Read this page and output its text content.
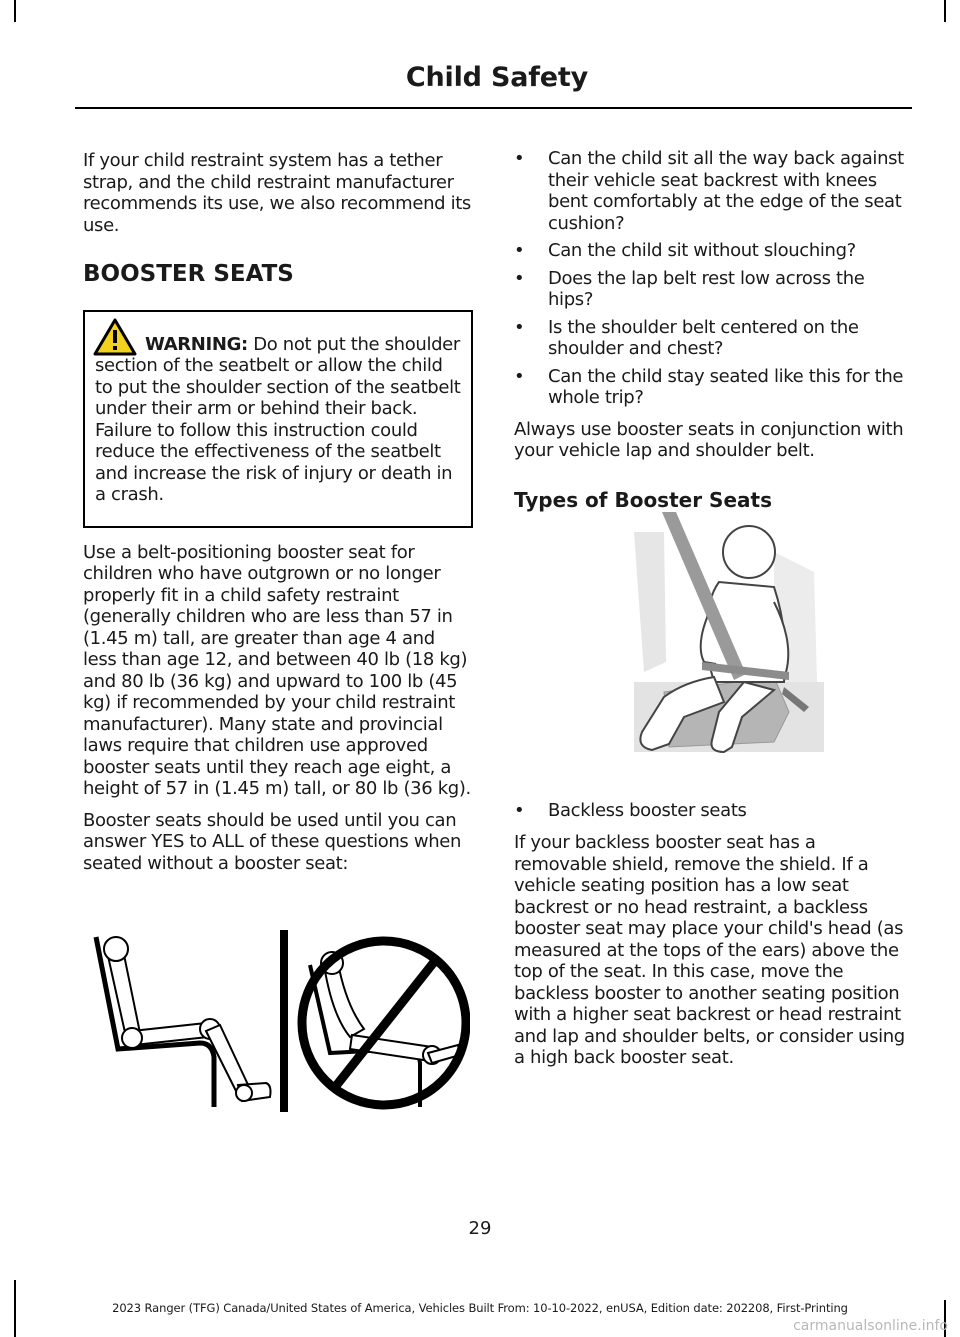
Child Safety

If your child restraint system has a tether strap, and the child restraint manufacturer recommends its use, we also recommend its use.

BOOSTER SEATS

WARNING: Do not put the shoulder section of the seatbelt or allow the child to put the shoulder section of the seatbelt under their arm or behind their back. Failure to follow this instruction could reduce the effectiveness of the seatbelt and increase the risk of injury or death in a crash.

Use a belt-positioning booster seat for children who have outgrown or no longer properly fit in a child safety restraint (generally children who are less than 57 in (1.45 m) tall, are greater than age 4 and less than age 12, and between 40 lb (18 kg) and 80 lb (36 kg) and upward to 100 lb (45 kg) if recommended by your child restraint manufacturer). Many state and provincial laws require that children use approved booster seats until they reach age eight, a height of 57 in (1.45 m) tall, or 80 lb (36 kg).

Booster seats should be used until you can answer YES to ALL of these questions when seated without a booster seat:

• Can the child sit all the way back against their vehicle seat backrest with knees bent comfortably at the edge of the seat cushion?
• Can the child sit without slouching?
• Does the lap belt rest low across the hips?
• Is the shoulder belt centered on the shoulder and chest?
• Can the child stay seated like this for the whole trip?

Always use booster seats in conjunction with your vehicle lap and shoulder belt.

Types of Booster Seats
• Backless booster seats

If your backless booster seat has a removable shield, remove the shield. If a vehicle seating position has a low seat backrest or no head restraint, a backless booster seat may place your child's head (as measured at the tops of the ears) above the top of the seat. In this case, move the backless booster to another seating position with a higher seat backrest or head restraint and lap and shoulder belts, or consider using a high back booster seat.

29
2023 Ranger (TFG) Canada/United States of America, Vehicles Built From: 10-10-2022, enUSA, Edition date: 202208, First-Printing
carmanualsonline.info
